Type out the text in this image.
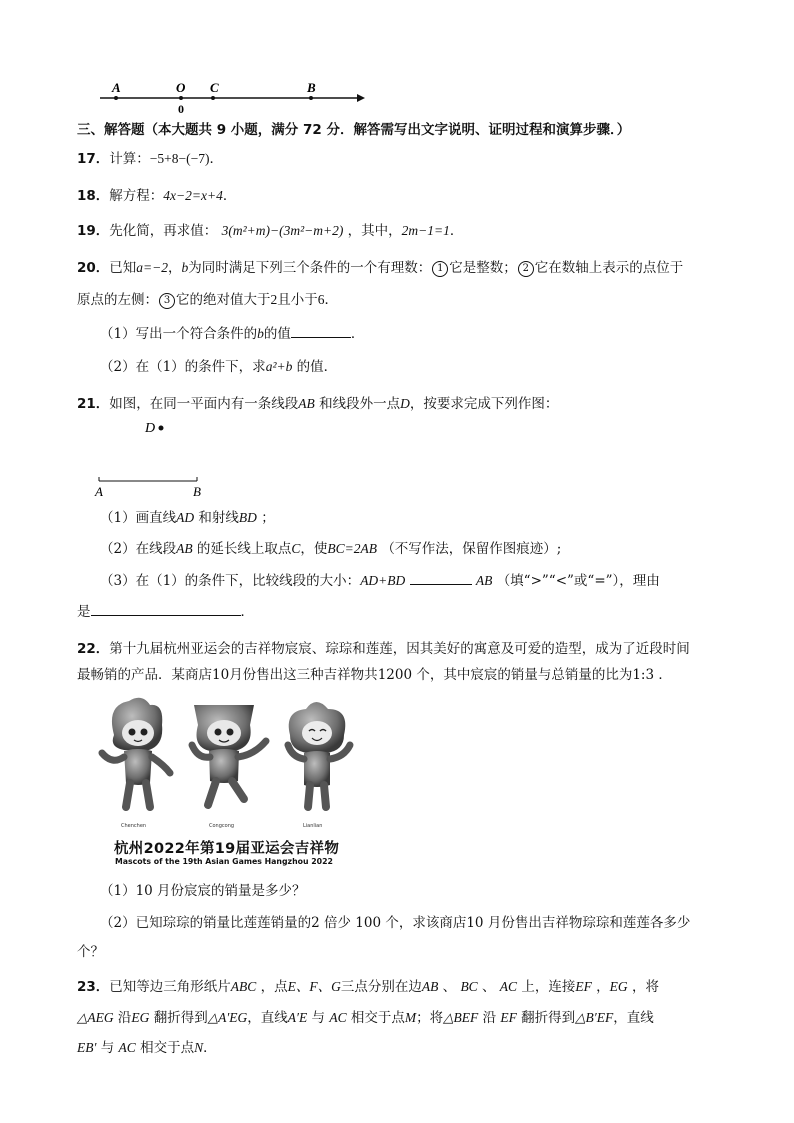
A	O C	B
0
三、解答题（本大题共 9 小题，满分 72 分．解答需写出文字说明、证明过程和演算步骤．）
17．计算：−5+8−(−7)．
18．解方程：4x−2=x+4．
19．先化简，再求值： 3(m²+m)−(3m²−m+2) ，其中，2m−1=1．
20．已知a=−2，b为同时满足下列三个条件的一个有理数： 1 它是整数； 2 它在数轴上表示的点位于
原点的左侧： 3 它的绝对值大于2且小于6．
（1）写出一个符合条件的b的值	．
（2）在（1）的条件下，求a²+b 的值．
21．如图，在同一平面内有一条线段AB 和线段外一点D，按要求完成下列作图：
D
A	B
（1）画直线AD 和射线BD ；
（2）在线段AB 的延长线上取点C，使BC=2AB （不写作法，保留作图痕迹）;
（3）在（1）的条件下，比较线段的大小：AD+BD	AB （填“>”“<”或“=”），理由
是	．
22．第十九届杭州亚运会的吉祥物宸宸、琮琮和莲莲，因其美好的寓意及可爱的造型，成为了近段时间
最畅销的产品．某商店10月份售出这三种吉祥物共1200 个，其中宸宸的销量与总销量的比为1:3 ．
Chenchen	Congcong	Lianlian
杭州2022年第19届亚运会吉祥物
Mascots of the 19th Asian Games Hangzhou 2022
（1）10 月份宸宸的销量是多少？
（2）已知琮琮的销量比莲莲销量的2 倍少 100 个，求该商店10 月份售出吉祥物琮琮和莲莲各多少
个？
23．已知等边三角形纸片ABC ，点E、F、G三点分别在边AB 、 BC 、 AC 上，连接EF ，EG ，将
△AEG 沿EG 翻折得到△A′EG，直线A′E 与 AC 相交于点M；将△BEF 沿 EF 翻折得到△B′EF，直线
EB′ 与 AC 相交于点N．
